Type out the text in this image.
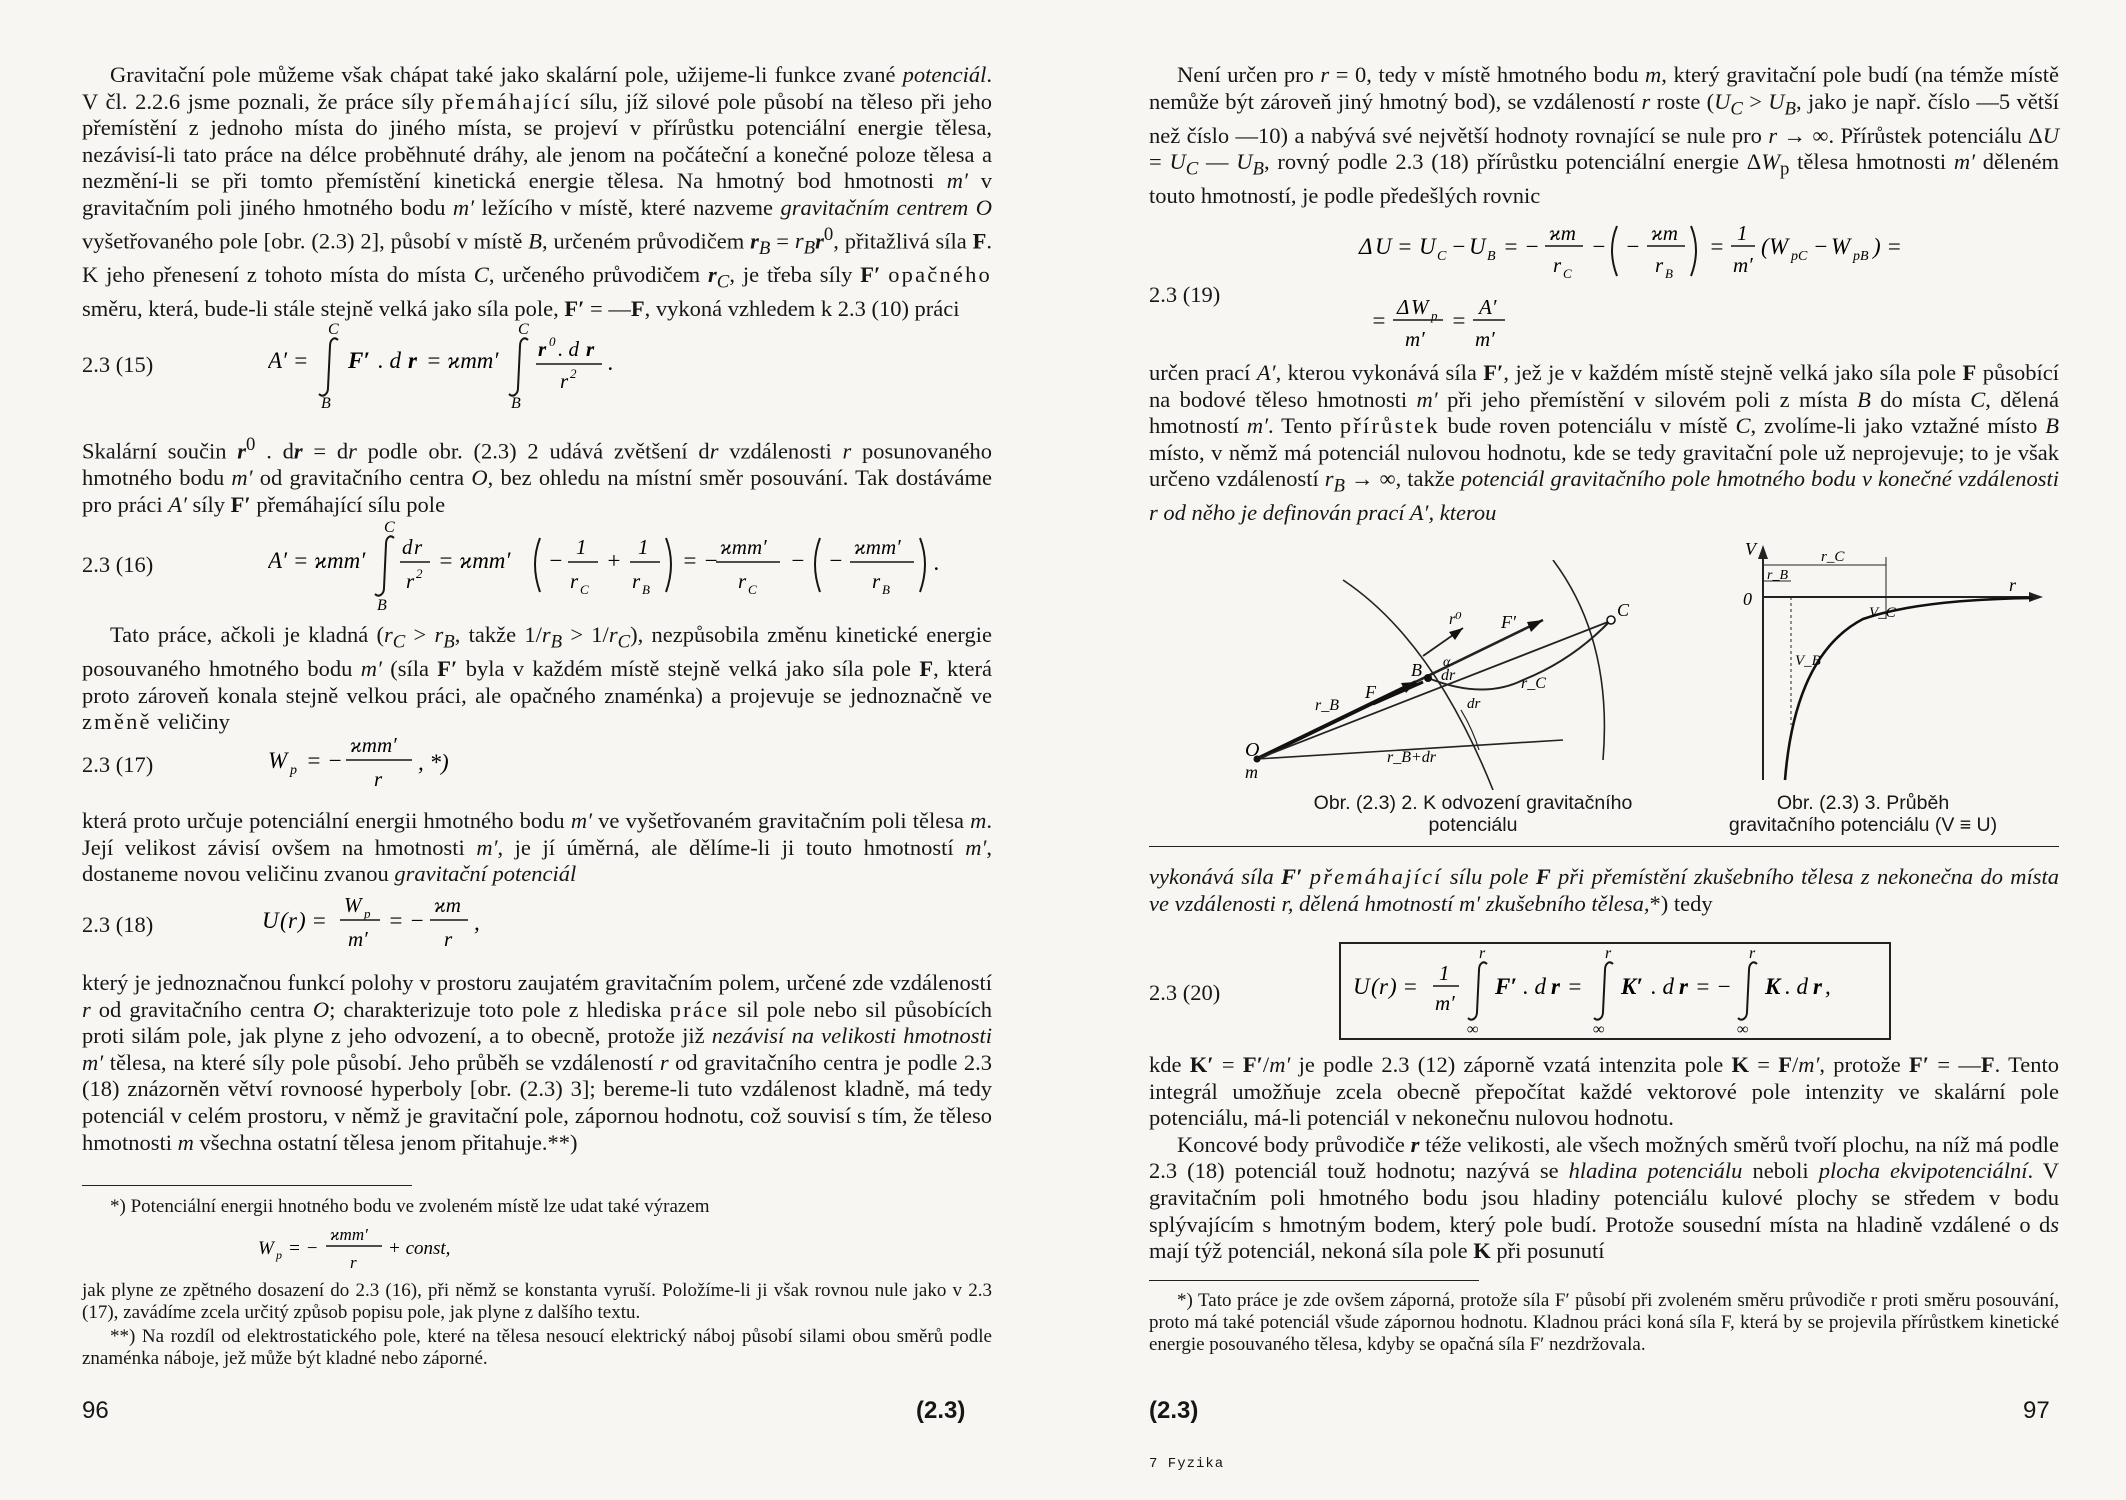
Gravitační pole můžeme však chápat také jako skalární pole, užijeme-li funkce zvané potenciál. V čl. 2.2.6 jsme poznali, že práce síly přemáhající sílu, jíž silové pole působí na těleso při jeho přemístění z jednoho místa do jiného místa, se projeví v přírůstku potenciální energie tělesa, nezávisí-li tato práce na délce proběhnuté dráhy, ale jenom na počáteční a konečné poloze tělesa a nezmění-li se při tomto přemístění kinetická energie tělesa. Na hmotný bod hmotnosti m′ v gravitačním poli jiného hmotného bodu m′ ležícího v místě, které nazveme gravitačním centrem O vyšetřovaného pole [obr. (2.3) 2], působí v místě B, určeném průvodičem $r_B = r_Br^0$, přitažlivá síla F. K jeho přenesení z tohoto místa do místa C, určeného průvodičem $r_C$, je třeba síly F′ opačného směru, která, bude-li stále stejně velká jako síla pole, F′ = —F, vykoná vzhledem k 2.3 (10) práci

2.3 (15)	A′ =
C
B
F′ . d r = ϰmm′
C
B
r 0 . d r
r 2 .

Skalární součin $r^0$ . dr = dr podle obr. (2.3) 2 udává zvětšení dr vzdálenosti r posunovaného hmotného bodu m′ od gravitačního centra O, bez ohledu na místní směr posouvání. Tak dostáváme pro práci A′ síly F′ přemáhající sílu pole

2.3 (16)	A′ = ϰmm′
C
B
d r
r 2
= ϰmm′ −
1
r C
+
1
r B
= −
ϰmm′
r C
− −
ϰmm′
r B
.

Tato práce, ačkoli je kladná ($r_C > r_B$, takže $1/r_B > 1/r_C$), nezpůsobila změnu kinetické energie posouvaného hmotného bodu m′ (síla F′ byla v každém místě stejně velká jako síla pole F, která proto zároveň konala stejně velkou práci, ale opačného znaménka) a projevuje se jednoznačně ve změně veličiny

2.3 (17)	W p = −
ϰmm′
r
, *)

která proto určuje potenciální energii hmotného bodu m′ ve vyšetřovaném gravitačním poli tělesa m. Její velikost závisí ovšem na hmotnosti m′, je jí úměrná, ale dělíme-li ji touto hmotností m′, dostaneme novou veličinu zvanou gravitační potenciál

2.3 (18)	U ( r ) =
W p
m′
= −
ϰm
r
,

který je jednoznačnou funkcí polohy v prostoru zaujatém gravitačním polem, určené zde vzdáleností r od gravitačního centra O; charakterizuje toto pole z hlediska práce sil pole nebo sil působících proti silám pole, jak plyne z jeho odvození, a to obecně, protože již nezávisí na velikosti hmotnosti m′ tělesa, na které síly pole působí. Jeho průběh se vzdáleností r od gravitačního centra je podle 2.3 (18) znázorněn větví rovnoosé hyperboly [obr. (2.3) 3]; bereme-li tuto vzdálenost kladně, má tedy potenciál v celém prostoru, v němž je gravitační pole, zápornou hodnotu, což souvisí s tím, že těleso hmotnosti m všechna ostatní tělesa jenom přitahuje.**)

*) Potenciální energii hnotného bodu ve zvoleném místě lze udat také výrazem

W p = −
ϰmm′
r
+ const,

jak plyne ze zpětného dosazení do 2.3 (16), při němž se konstanta vyruší. Položíme-li ji však rovnou nule jako v 2.3 (17), zavádíme zcela určitý způsob popisu pole, jak plyne z dalšího textu.

**) Na rozdíl od elektrostatického pole, které na tělesa nesoucí elektrický náboj působí silami obou směrů podle znaménka náboje, jež může být kladné nebo záporné.

96	(2.3)

Není určen pro r = 0, tedy v místě hmotného bodu m, který gravitační pole budí (na témže místě nemůže být zároveň jiný hmotný bod), se vzdáleností r roste ($U_C > U_B$, jako je např. číslo —5 větší než číslo —10) a nabývá své největší hodnoty rovnající se nule pro r → ∞. Přírůstek potenciálu $\Delta U = U_C$ — $U_B$, rovný podle 2.3 (18) přírůstku potenciální energie $\Delta W_p$ tělesa hmotnosti m′ děleném touto hmotností, je podle předešlých rovnic

2.3 (19)
Δ U = U C − U B = −
ϰm
r C
− −
ϰm
r B
=
1
m′
( W pC − W pB ) =
=
Δ W p
m′
=
A′
m′

určen prací A′, kterou vykonává síla F′, jež je v každém místě stejně velká jako síla pole F působící na bodové těleso hmotnosti m′ při jeho přemístění v silovém poli z místa B do místa C, dělená hmotností m′. Tento přírůstek bude roven potenciálu v místě C, zvolíme-li jako vztažné místo B místo, v němž má potenciál nulovou hodnotu, kde se tedy gravitační pole už neprojevuje; to je však určeno vzdáleností $r_B$ → ∞, takže potenciál gravitačního pole hmotného bodu v konečné vzdálenosti r od něho je definován prací A′, kterou

O
m
B
C
r⁰ F′
F
r_B
r_C
dr
dr
r_B+dr
α
Obr. (2.3) 2. K odvození gravitačního
potenciálu
V
0
r
r_B
r_C
V_B
V_C
Obr. (2.3) 3. Průběh
gravitačního potenciálu (V ≡ U)

vykonává síla F′ přemáhající sílu pole F při přemístění zkušebního tělesa z nekonečna do místa ve vzdálenosti r, dělená hmotností m′ zkušebního tělesa,*) tedy

2.3 (20)	U ( r ) =
1
m′
r
∞
F′ . d r =
r
∞
K′ . d r = −
r
∞
K . d r ,

kde K′ = F′/m′ je podle 2.3 (12) záporně vzatá intenzita pole K = F/m′, protože F′ = —F. Tento integrál umožňuje zcela obecně přepočítat každé vektorové pole intenzity ve skalární pole potenciálu, má-li potenciál v nekonečnu nulovou hodnotu.

Koncové body průvodiče r téže velikosti, ale všech možných směrů tvoří plochu, na níž má podle 2.3 (18) potenciál touž hodnotu; nazývá se hladina potenciálu neboli plocha ekvipotenciální. V gravitačním poli hmotného bodu jsou hladiny potenciálu kulové plochy se středem v bodu splývajícím s hmotným bodem, který pole budí. Protože sousední místa na hladině vzdálené o ds mají týž potenciál, nekoná síla pole K při posunutí

*) Tato práce je zde ovšem záporná, protože síla F′ působí při zvoleném směru průvodiče r proti směru posouvání, proto má také potenciál všude zápornou hodnotu. Kladnou práci koná síla F, která by se projevila přírůstkem kinetické energie posouvaného tělesa, kdyby se opačná síla F′ nezdržovala.

(2.3)	97
7 Fyzika
